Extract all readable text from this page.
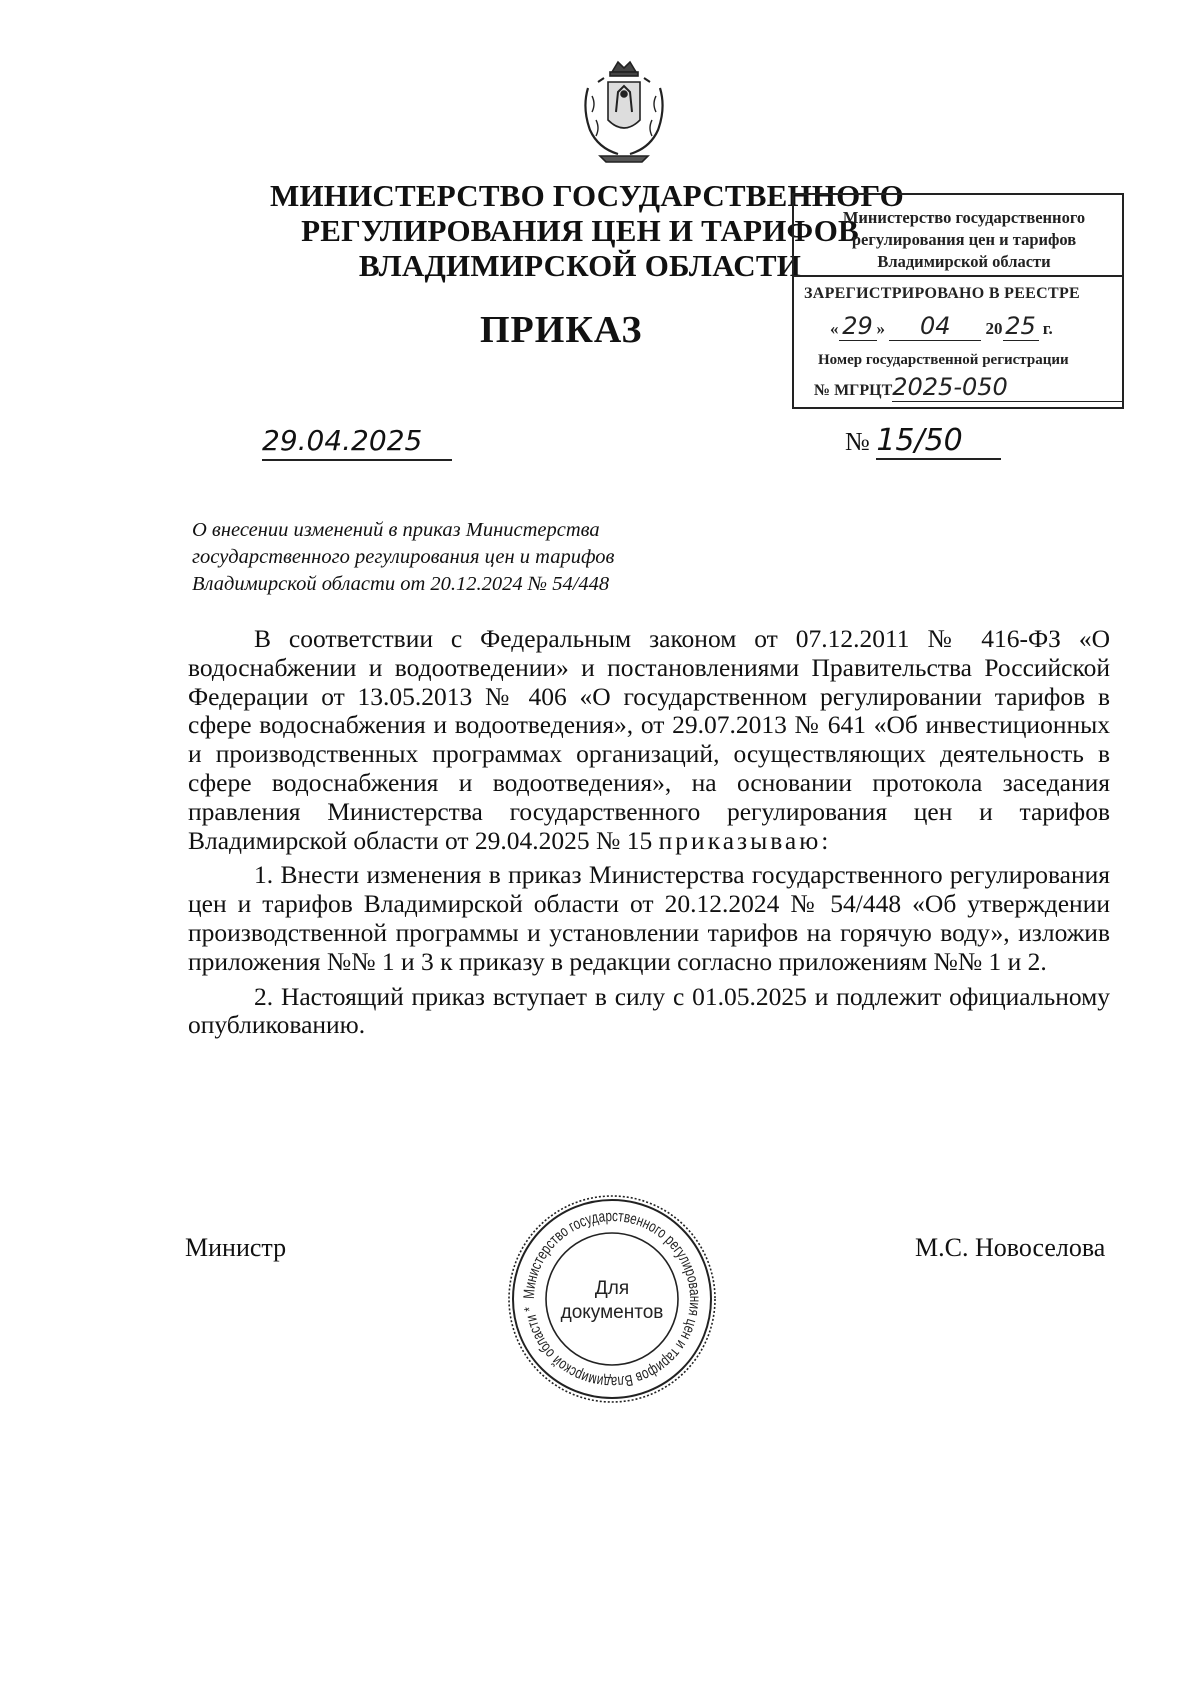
МИНИСТЕРСТВО ГОСУДАРСТВЕННОГО
РЕГУЛИРОВАНИЯ ЦЕН И ТАРИФОВ
ВЛАДИМИРСКОЙ ОБЛАСТИ
ПРИКАЗ
Министерство государственного
регулирования цен и тарифов
Владимирской области
ЗАРЕГИСТРИРОВАНО В РЕЕСТРЕ
« 29 » 04 20 25 г.
Номер государственной регистрации
№ МГРЦТ2025-050
29.04.2025	№ 15/50
О внесении изменений в приказ Министерства
государственного регулирования цен и тарифов
Владимирской области от 20.12.2024 № 54/448

В соответствии с Федеральным законом от 07.12.2011 № 416-ФЗ «О водоснабжении и водоотведении» и постановлениями Правительства Российской Федерации от 13.05.2013 № 406 «О государственном регулировании тарифов в сфере водоснабжения и водоотведения», от 29.07.2013 № 641 «Об инвестиционных и производственных программах организаций, осуществляющих деятельность в сфере водоснабжения и водоотведения», на основании протокола заседания правления Министерства государственного регулирования цен и тарифов Владимирской области от 29.04.2025 № 15 приказываю:

1. Внести изменения в приказ Министерства государственного регулирования цен и тарифов Владимирской области от 20.12.2024 № 54/448 «Об утверждении производственной программы и установлении тарифов на горячую воду», изложив приложения №№ 1 и 3 к приказу в редакции согласно приложениям №№ 1 и 2.

2. Настоящий приказ вступает в силу с 01.05.2025 и подлежит официальному опубликованию.

Министр	М.С. Новоселова
Министерство государственного регулирования цен и тарифов Владимирской области *
Для
документов
